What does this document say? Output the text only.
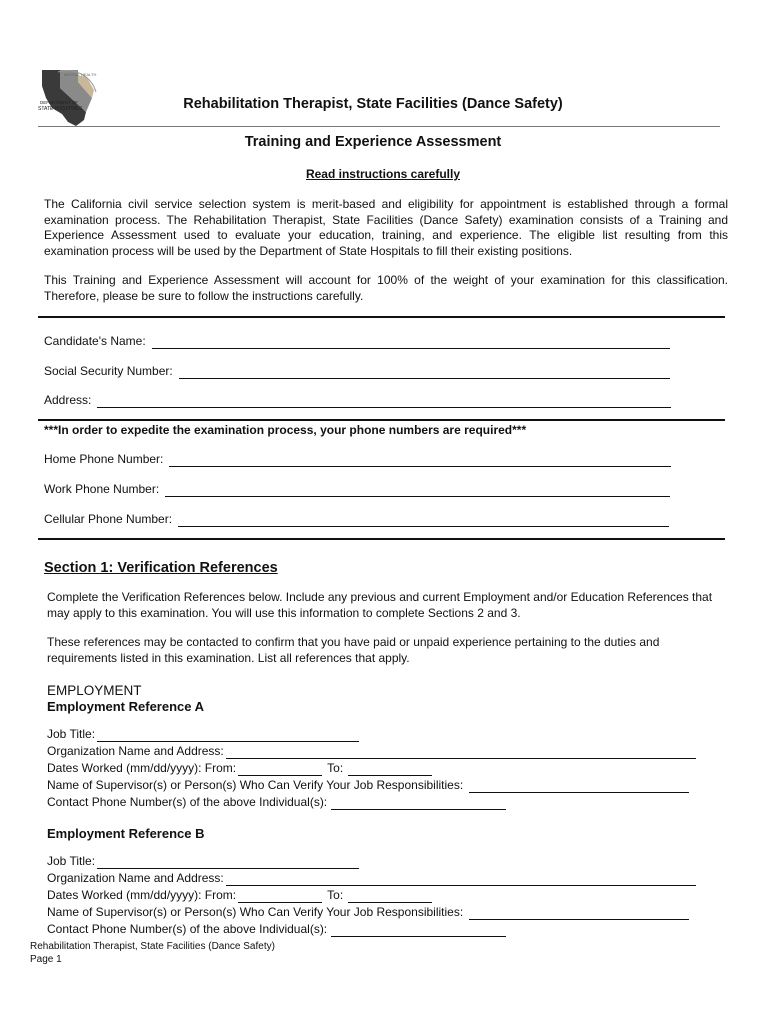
MENTAL HEALTH
DEPARTMENT OF
STATE HOSPITALS	Rehabilitation Therapist, State Facilities (Dance Safety)
Training and Experience Assessment
Read instructions carefully
The California civil service selection system is merit-based and eligibility for appointment is established through a formal examination process. The Rehabilitation Therapist, State Facilities (Dance Safety) examination consists of a Training and Experience Assessment used to evaluate your education, training, and experience. The eligible list resulting from this examination process will be used by the Department of State Hospitals to fill their existing positions.
This Training and Experience Assessment will account for 100% of the weight of your examination for this classification. Therefore, please be sure to follow the instructions carefully.
Candidate's Name:
Social Security Number:
Address:
***In order to expedite the examination process, your phone numbers are required***
Home Phone Number:
Work Phone Number:
Cellular Phone Number:
Section 1: Verification References
Complete the Verification References below. Include any previous and current Employment and/or Education References that may apply to this examination. You will use this information to complete Sections 2 and 3.
These references may be contacted to confirm that you have paid or unpaid experience pertaining to the duties and requirements listed in this examination. List all references that apply.
EMPLOYMENT
Employment Reference A
Job Title:
Organization Name and Address:
Dates Worked (mm/dd/yyyy): From:	To:
Name of Supervisor(s) or Person(s) Who Can Verify Your Job Responsibilities:
Contact Phone Number(s) of the above Individual(s):
Employment Reference B
Job Title:
Organization Name and Address:
Dates Worked (mm/dd/yyyy): From:	To:
Name of Supervisor(s) or Person(s) Who Can Verify Your Job Responsibilities:
Contact Phone Number(s) of the above Individual(s):
Rehabilitation Therapist, State Facilities (Dance Safety)
Page 1
